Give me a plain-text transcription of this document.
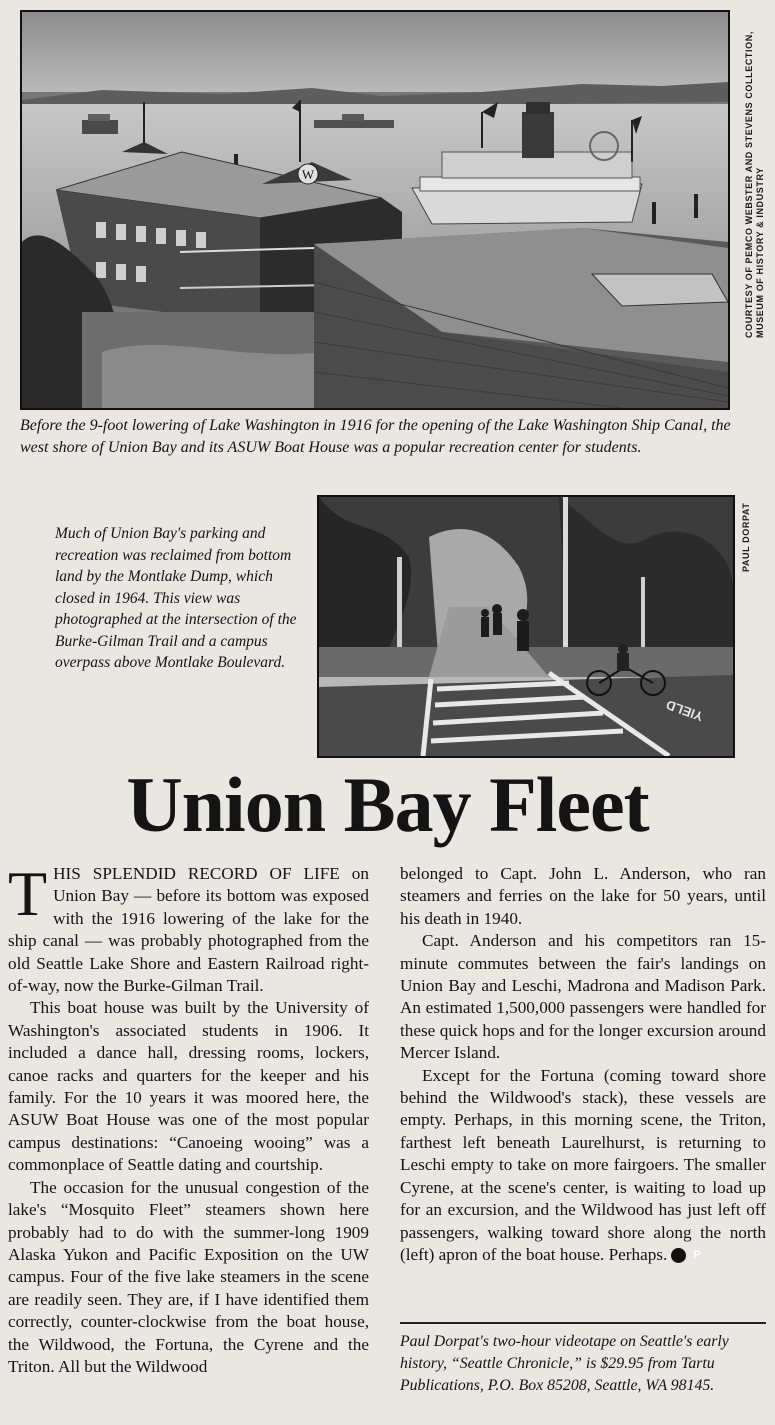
W	COURTESY OF PEMCO WEBSTER AND STEVENS COLLECTION, MUSEUM OF HISTORY & INDUSTRY
Before the 9-foot lowering of Lake Washington in 1916 for the opening of the Lake Washington Ship Canal, the west shore of Union Bay and its ASUW Boat House was a popular recreation center for students.
Much of Union Bay's parking and recreation was reclaimed from bottom land by the Montlake Dump, which closed in 1964. This view was photographed at the intersection of the Burke-Gilman Trail and a campus overpass above Montlake Boulevard.
YIELD
PAUL DORPAT
Union Bay Fleet

THIS SPLENDID RECORD OF LIFE on Union Bay — before its bottom was exposed with the 1916 lowering of the lake for the ship canal — was probably photographed from the old Seattle Lake Shore and Eastern Railroad right-of-way, now the Burke-Gilman Trail.

This boat house was built by the University of Washington's associated students in 1906. It included a dance hall, dressing rooms, lockers, canoe racks and quarters for the keeper and his family. For the 10 years it was moored here, the ASUW Boat House was one of the most popular campus destinations: “Canoeing wooing” was a commonplace of Seattle dating and courtship.

The occasion for the unusual congestion of the lake's “Mosquito Fleet” steamers shown here probably had to do with the summer-long 1909 Alaska Yukon and Pacific Exposition on the UW campus. Four of the five lake steamers in the scene are readily seen. They are, if I have identified them correctly, counter-clockwise from the boat house, the Wildwood, the Fortuna, the Cyrene and the Triton. All but the Wildwood

belonged to Capt. John L. Anderson, who ran steamers and ferries on the lake for 50 years, until his death in 1940.

Capt. Anderson and his competitors ran 15-minute commutes between the fair's landings on Union Bay and Leschi, Madrona and Madison Park. An estimated 1,500,000 passengers were handled for these quick hops and for the longer excursion around Mercer Island.

Except for the Fortuna (coming toward shore behind the Wildwood's stack), these vessels are empty. Perhaps, in this morning scene, the Triton, farthest left beneath Laurelhurst, is returning to Leschi empty to take on more fairgoers. The smaller Cyrene, at the scene's center, is waiting to load up for an excursion, and the Wildwood has just left off passengers, walking toward shore along the north (left) apron of the boat house. Perhaps. P

Paul Dorpat's two-hour videotape on Seattle's early history, “Seattle Chronicle,” is $29.95 from Tartu Publications, P.O. Box 85208, Seattle, WA 98145.
